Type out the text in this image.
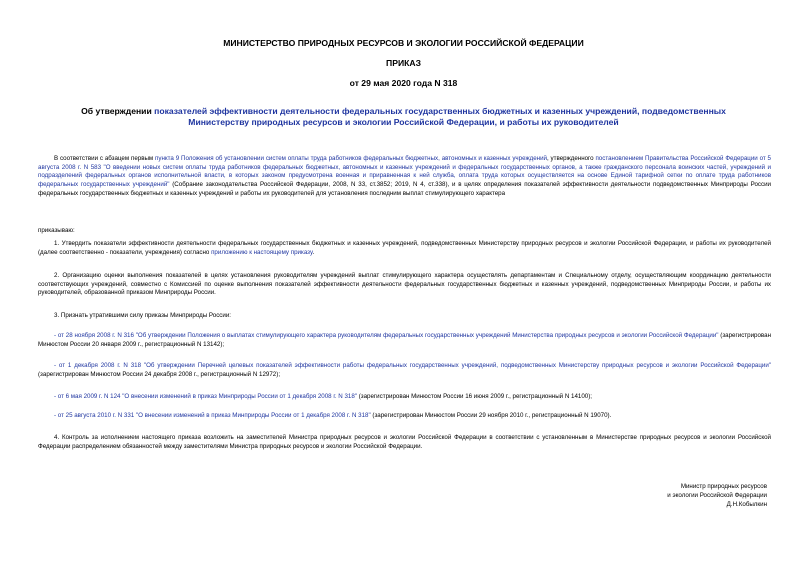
МИНИСТЕРСТВО ПРИРОДНЫХ РЕСУРСОВ И ЭКОЛОГИИ РОССИЙСКОЙ ФЕДЕРАЦИИ
ПРИКАЗ
от 29 мая 2020 года N 318
Об утверждении показателей эффективности деятельности федеральных государственных бюджетных и казенных учреждений, подведомственных Министерству природных ресурсов и экологии Российской Федерации, и работы их руководителей
В соответствии с абзацем первым пункта 9 Положения об установлении систем оплаты труда работников федеральных бюджетных, автономных и казенных учреждений, утвержденного постановлением Правительства Российской Федерации от 5 августа 2008 г. N 583 "О введении новых систем оплаты труда работников федеральных бюджетных, автономных и казенных учреждений и федеральных государственных органов, а также гражданского персонала воинских частей, учреждений и подразделений федеральных органов исполнительной власти, в которых законом предусмотрена военная и приравненная к ней служба, оплата труда которых осуществляется на основе Единой тарифной сетки по оплате труда работников федеральных государственных учреждений" (Собрание законодательства Российской Федерации, 2008, N 33, ст.3852; 2019, N 4, ст.338), и в целях определения показателей эффективности деятельности подведомственных Минприроды России федеральных государственных бюджетных и казенных учреждений и работы их руководителей для установления последним выплат стимулирующего характера
приказываю:
1. Утвердить показатели эффективности деятельности федеральных государственных бюджетных и казенных учреждений, подведомственных Министерству природных ресурсов и экологии Российской Федерации, и работы их руководителей (далее соответственно - показатели, учреждения) согласно приложению к настоящему приказу.
2. Организацию оценки выполнения показателей в целях установления руководителям учреждений выплат стимулирующего характера осуществлять департаментам и Специальному отделу, осуществляющим координацию деятельности соответствующих учреждений, совместно с Комиссией по оценке выполнения показателей эффективности деятельности федеральных государственных бюджетных и казенных учреждений, подведомственных Минприроды России, и работы их руководителей, образованной приказом Минприроды России.
3. Признать утратившими силу приказы Минприроды России:
- от 28 ноября 2008 г. N 316 "Об утверждении Положения о выплатах стимулирующего характера руководителям федеральных государственных учреждений Министерства природных ресурсов и экологии Российской Федерации" (зарегистрирован Минюстом России 20 января 2009 г., регистрационный N 13142);
- от 1 декабря 2008 г. N 318 "Об утверждении Перечней целевых показателей эффективности работы федеральных государственных учреждений, подведомственных Министерству природных ресурсов и экологии Российской Федерации" (зарегистрирован Минюстом России 24 декабря 2008 г., регистрационный N 12972);
- от 6 мая 2009 г. N 124 "О внесении изменений в приказ Минприроды России от 1 декабря 2008 г. N 318" (зарегистрирован Минюстом России 16 июня 2009 г., регистрационный N 14100);
- от 25 августа 2010 г. N 331 "О внесении изменений в приказ Минприроды России от 1 декабря 2008 г. N 318" (зарегистрирован Минюстом России 29 ноября 2010 г., регистрационный N 19070).
4. Контроль за исполнением настоящего приказа возложить на заместителей Министра природных ресурсов и экологии Российской Федерации в соответствии с установленным в Министерстве природных ресурсов и экологии Российской Федерации распределением обязанностей между заместителями Министра природных ресурсов и экологии Российской Федерации.
Министр природных ресурсов
и экологии Российской Федерации
Д.Н.Кобылкин
